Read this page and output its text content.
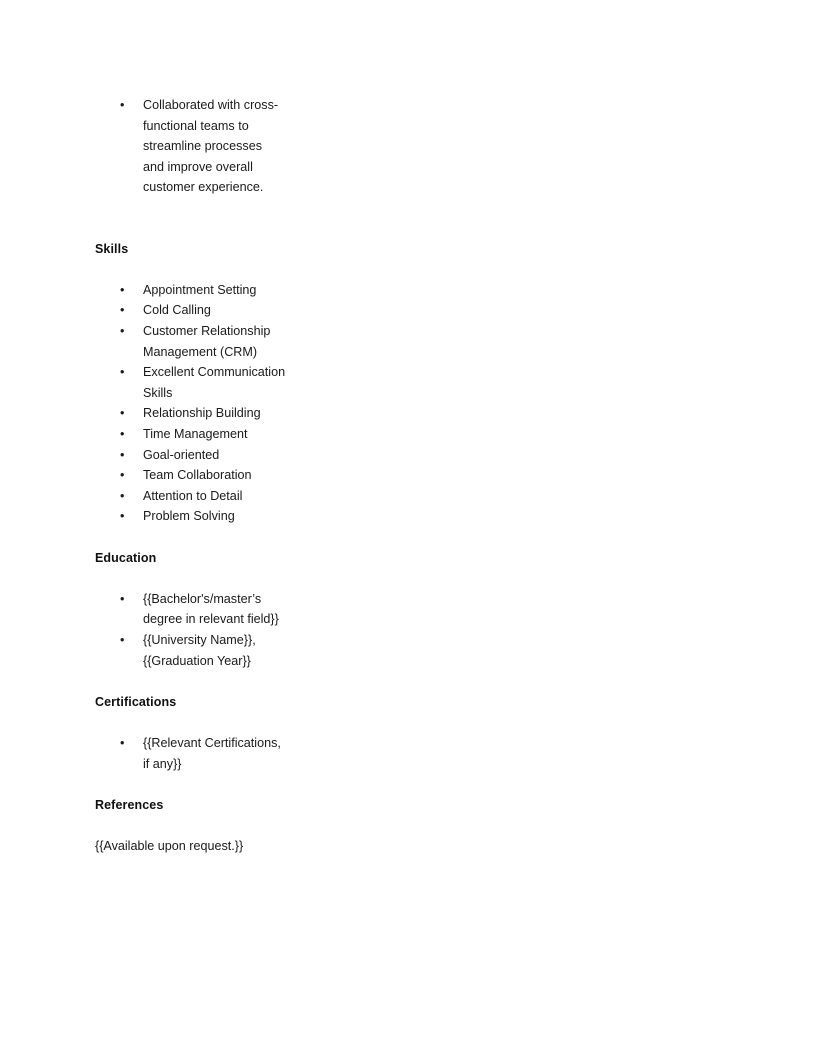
• Collaborated with cross-functional teams to streamline processes and improve overall customer experience.
Skills
• Appointment Setting
• Cold Calling
• Customer Relationship Management (CRM)
• Excellent Communication Skills
• Relationship Building
• Time Management
• Goal-oriented
• Team Collaboration
• Attention to Detail
• Problem Solving
Education
• {{Bachelor's/master’s degree in relevant field}}
• {{University Name}}, {{Graduation Year}}
Certifications
• {{Relevant Certifications, if any}}
References

{{Available upon request.}}
